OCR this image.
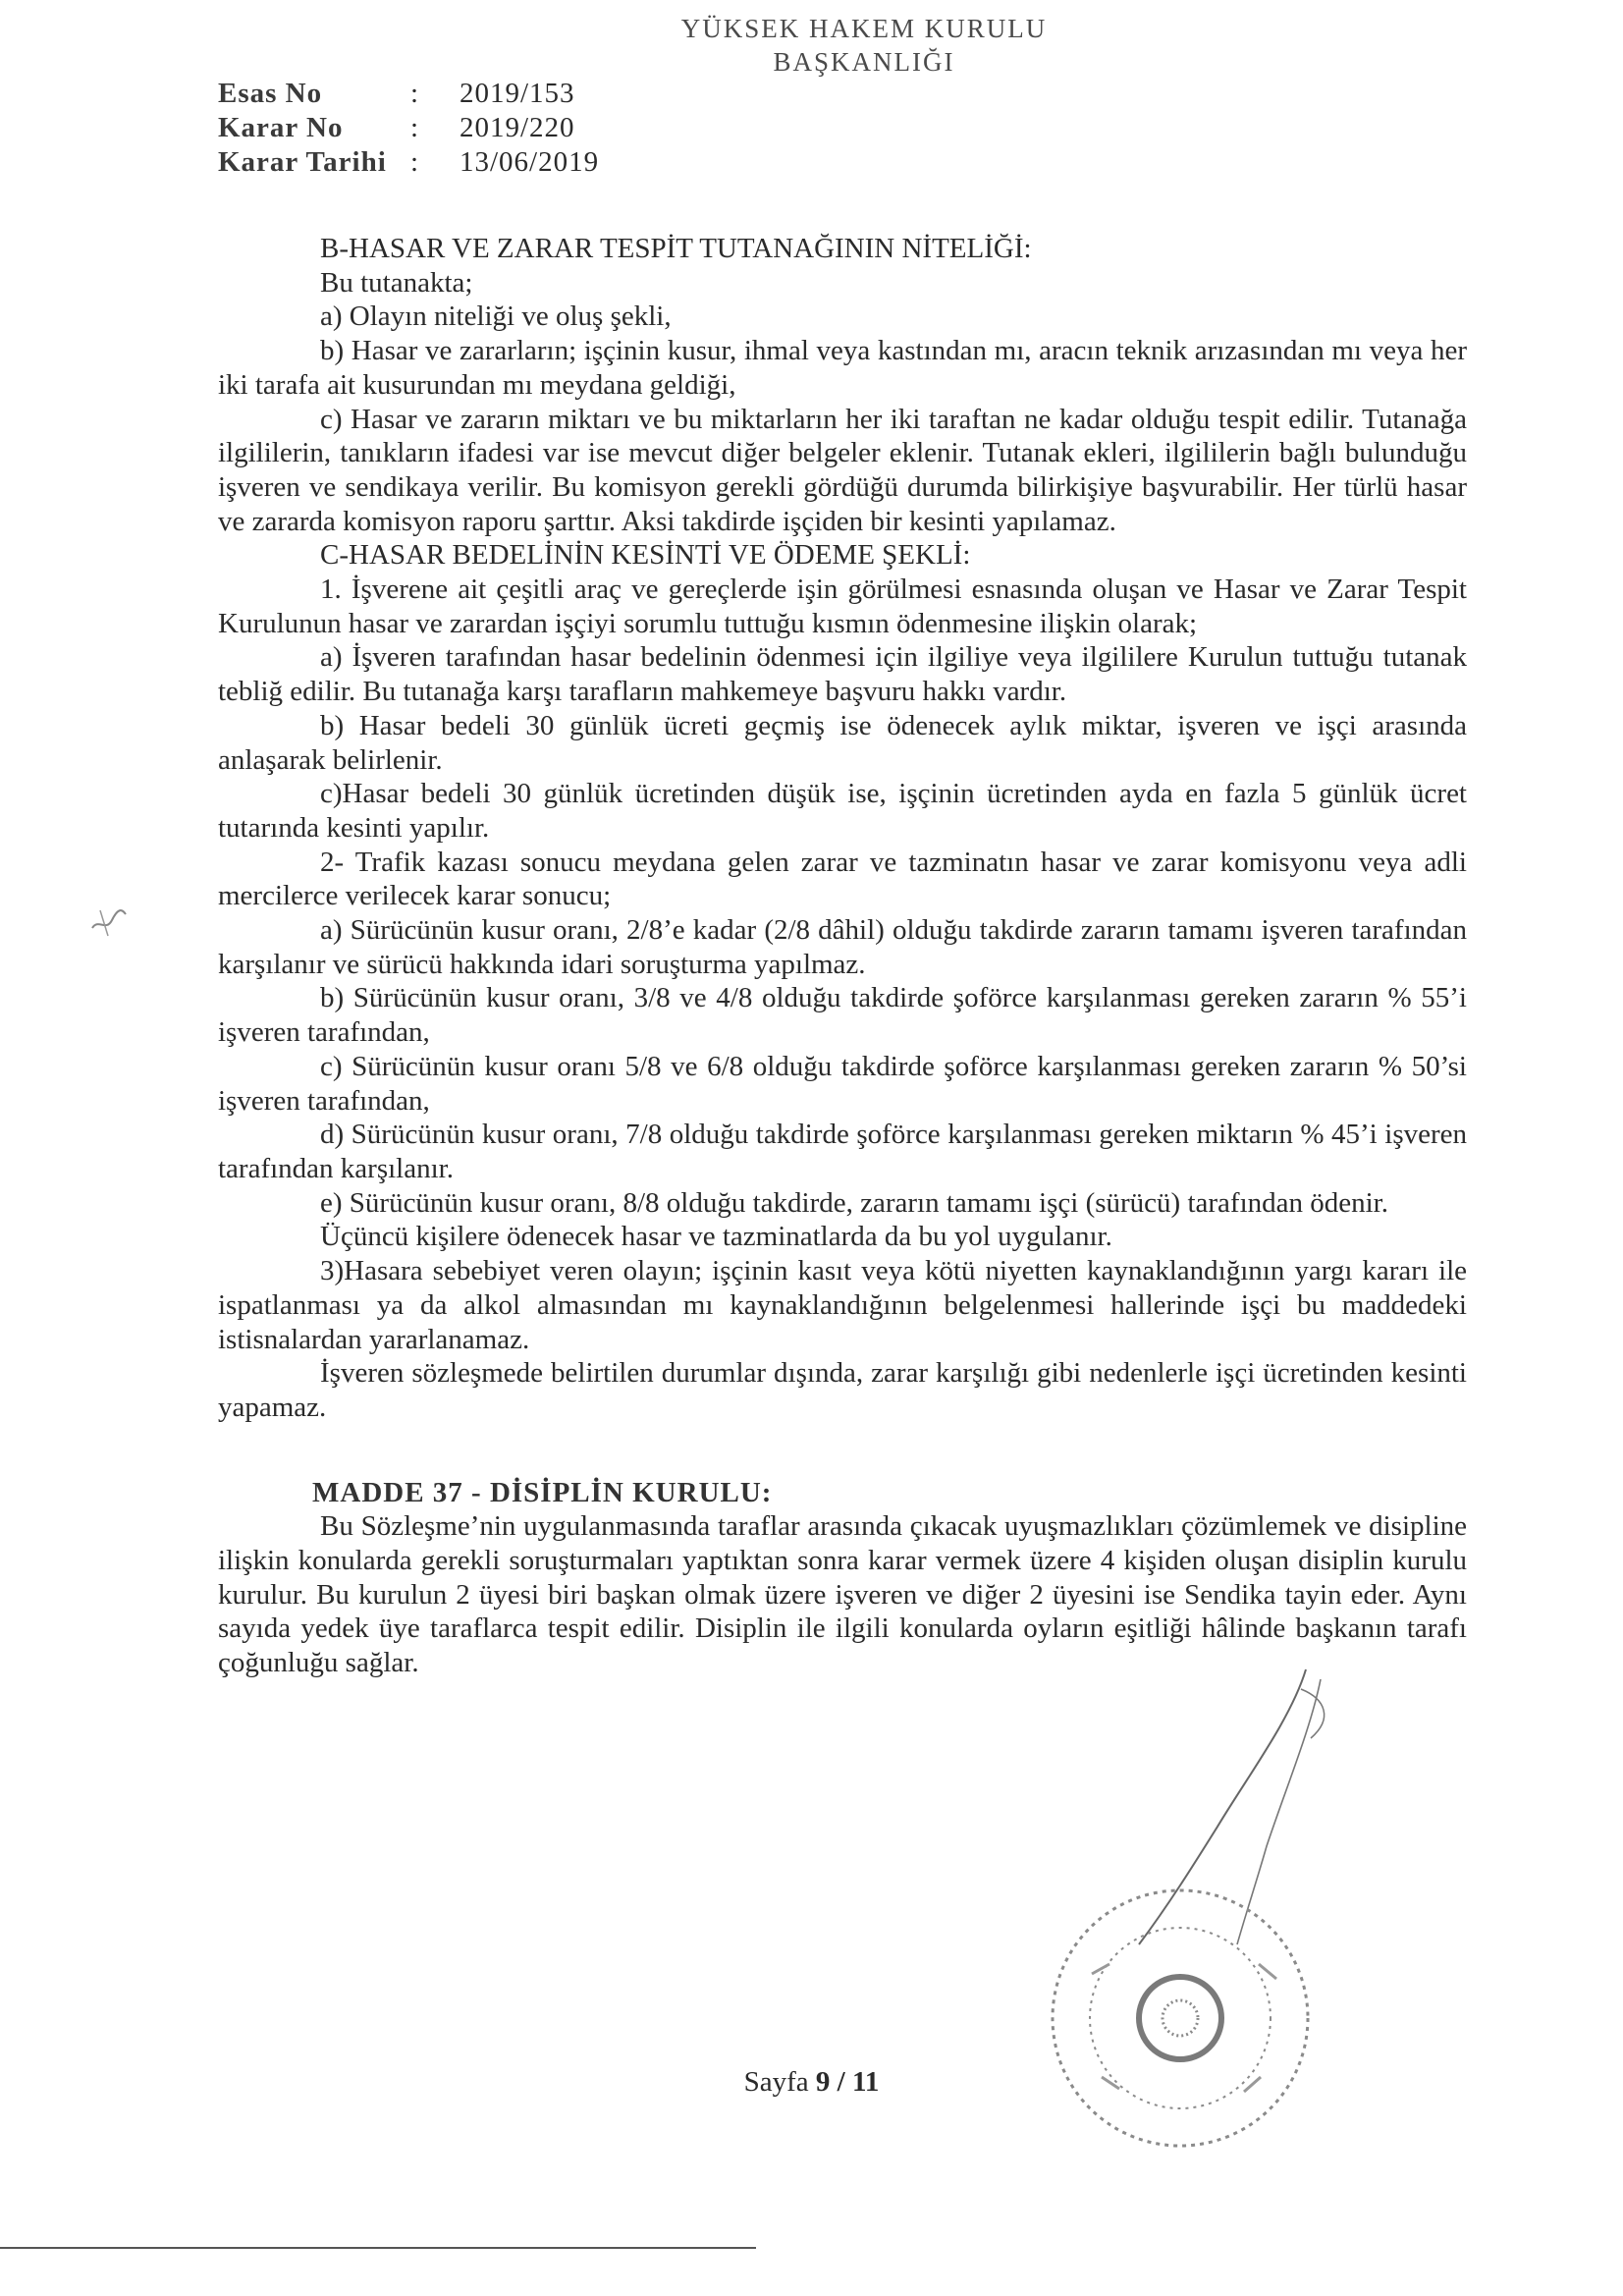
YÜKSEK HAKEM KURULU
BAŞKANLIĞI
Esas No	:	2019/153
Karar No	:	2019/220
Karar Tarihi :	13/06/2019

B-HASAR VE ZARAR TESPİT TUTANAĞININ NİTELİĞİ:

Bu tutanakta;

a) Olayın niteliği ve oluş şekli,

b) Hasar ve zararların; işçinin kusur, ihmal veya kastından mı, aracın teknik arızasından mı veya her iki tarafa ait kusurundan mı meydana geldiği,

c) Hasar ve zararın miktarı ve bu miktarların her iki taraftan ne kadar olduğu tespit edilir. Tutanağa ilgililerin, tanıkların ifadesi var ise mevcut diğer belgeler eklenir. Tutanak ekleri, ilgililerin bağlı bulunduğu işveren ve sendikaya verilir. Bu komisyon gerekli gördüğü durumda bilirkişiye başvurabilir. Her türlü hasar ve zararda komisyon raporu şarttır. Aksi takdirde işçiden bir kesinti yapılamaz.

C-HASAR BEDELİNİN KESİNTİ VE ÖDEME ŞEKLİ:

1. İşverene ait çeşitli araç ve gereçlerde işin görülmesi esnasında oluşan ve Hasar ve Zarar Tespit Kurulunun hasar ve zarardan işçiyi sorumlu tuttuğu kısmın ödenmesine ilişkin olarak;

a) İşveren tarafından hasar bedelinin ödenmesi için ilgiliye veya ilgililere Kurulun tuttuğu tutanak tebliğ edilir. Bu tutanağa karşı tarafların mahkemeye başvuru hakkı vardır.

b) Hasar bedeli 30 günlük ücreti geçmiş ise ödenecek aylık miktar, işveren ve işçi arasında anlaşarak belirlenir.

c)Hasar bedeli 30 günlük ücretinden düşük ise, işçinin ücretinden ayda en fazla 5 günlük ücret tutarında kesinti yapılır.

2- Trafik kazası sonucu meydana gelen zarar ve tazminatın hasar ve zarar komisyonu veya adli mercilerce verilecek karar sonucu;

a) Sürücünün kusur oranı, 2/8’e kadar (2/8 dâhil) olduğu takdirde zararın tamamı işveren tarafından karşılanır ve sürücü hakkında idari soruşturma yapılmaz.

b) Sürücünün kusur oranı, 3/8 ve 4/8 olduğu takdirde şoförce karşılanması gereken zararın % 55’i işveren tarafından,

c) Sürücünün kusur oranı 5/8 ve 6/8 olduğu takdirde şoförce karşılanması gereken zararın % 50’si işveren tarafından,

d) Sürücünün kusur oranı, 7/8 olduğu takdirde şoförce karşılanması gereken miktarın % 45’i işveren tarafından karşılanır.

e) Sürücünün kusur oranı, 8/8 olduğu takdirde, zararın tamamı işçi (sürücü) tarafından ödenir.

Üçüncü kişilere ödenecek hasar ve tazminatlarda da bu yol uygulanır.

3)Hasara sebebiyet veren olayın; işçinin kasıt veya kötü niyetten kaynaklandığının yargı kararı ile ispatlanması ya da alkol almasından mı kaynaklandığının belgelenmesi hallerinde işçi bu maddedeki istisnalardan yararlanamaz.

İşveren sözleşmede belirtilen durumlar dışında, zarar karşılığı gibi nedenlerle işçi ücretinden kesinti yapamaz.

MADDE 37 - DİSİPLİN KURULU:

Bu Sözleşme’nin uygulanmasında taraflar arasında çıkacak uyuşmazlıkları çözümlemek ve disipline ilişkin konularda gerekli soruşturmaları yaptıktan sonra karar vermek üzere 4 kişiden oluşan disiplin kurulu kurulur. Bu kurulun 2 üyesi biri başkan olmak üzere işveren ve diğer 2 üyesini ise Sendika tayin eder. Aynı sayıda yedek üye taraflarca tespit edilir. Disiplin ile ilgili konularda oyların eşitliği hâlinde başkanın tarafı çoğunluğu sağlar.

Sayfa 9 / 11
